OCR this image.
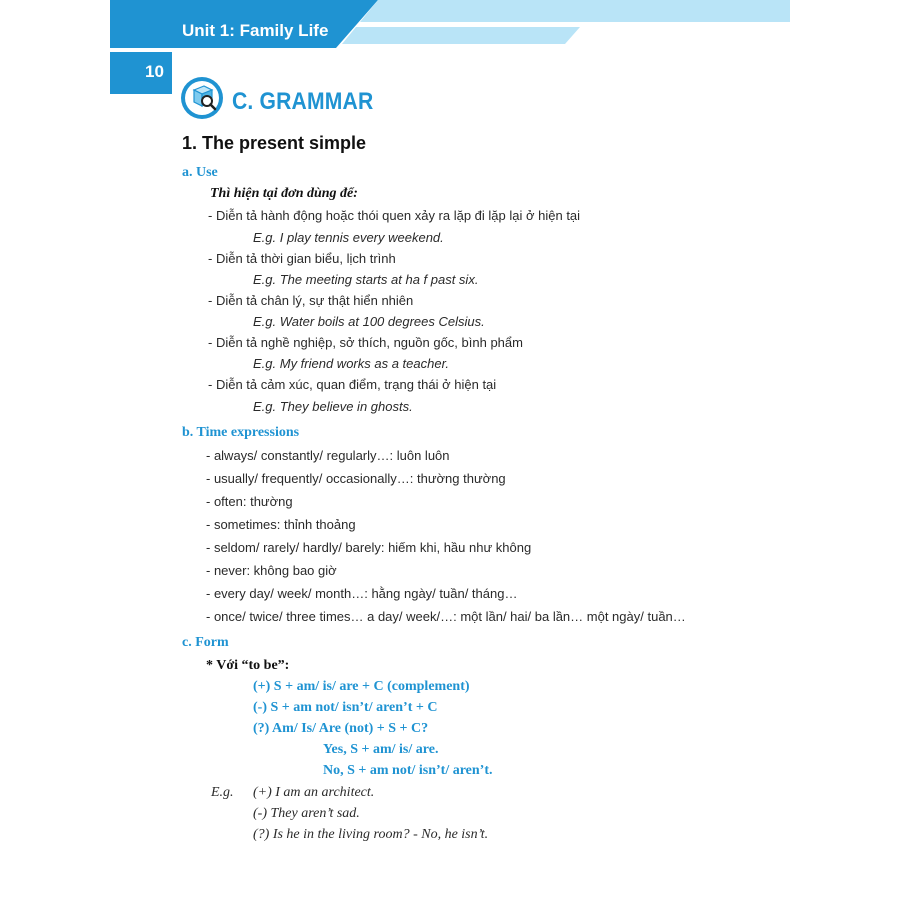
Unit 1: Family Life
10
C. GRAMMAR
1. The present simple
a. Use
Thì hiện tại đơn dùng để:
- Diễn tả hành động hoặc thói quen xảy ra lặp đi lặp lại ở hiện tại
E.g. I play tennis every weekend.
- Diễn tả thời gian biểu, lịch trình
E.g. The meeting starts at ha f past six.
- Diễn tả chân lý, sự thật hiển nhiên
E.g. Water boils at 100 degrees Celsius.
- Diễn tả nghề nghiệp, sở thích, nguồn gốc, bình phẩm
E.g. My friend works as a teacher.
- Diễn tả cảm xúc, quan điểm, trạng thái ở hiện tại
E.g. They believe in ghosts.
b. Time expressions
- always/ constantly/ regularly…: luôn luôn
- usually/ frequently/ occasionally…: thường thường
- often: thường
- sometimes: thỉnh thoảng
- seldom/ rarely/ hardly/ barely: hiếm khi, hầu như không
- never: không bao giờ
- every day/ week/ month…: hằng ngày/ tuần/ tháng…
- once/ twice/ three times… a day/ week/…: một lần/ hai/ ba lần… một ngày/ tuần…
c. Form
* Với “to be”:
(+) S + am/ is/ are + C (complement)
(-) S + am not/ isn’t/ aren’t + C
(?) Am/ Is/ Are (not) + S + C?
Yes, S + am/ is/ are.
No, S + am not/ isn’t/ aren’t.
E.g. (+) I am an architect.
(-) They aren’t sad.
(?) Is he in the living room? - No, he isn’t.
